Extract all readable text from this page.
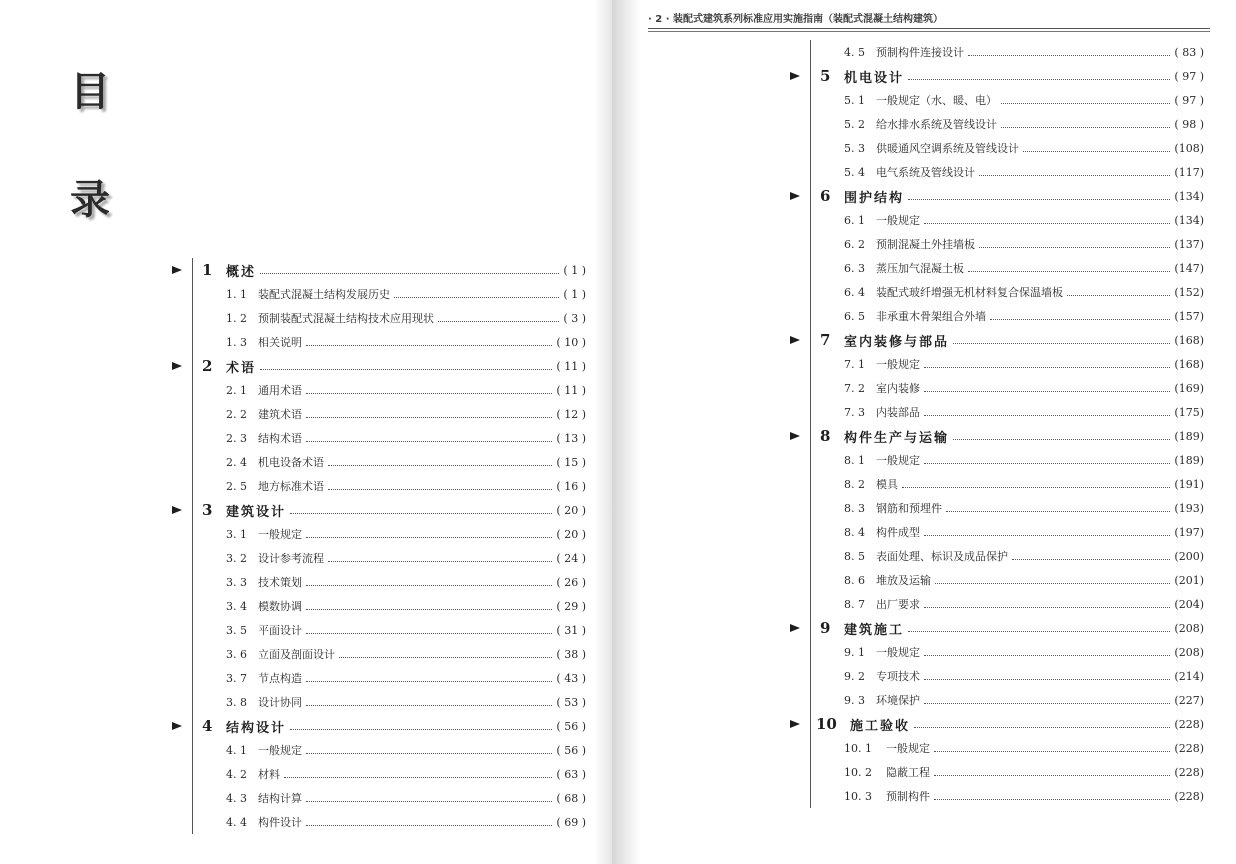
目
录
1 概述	( 1 )
1. 1	装配式混凝土结构发展历史	( 1 )
1. 2	预制装配式混凝土结构技术应用现状	( 3 )
1. 3	相关说明	( 10 )
2 术语	( 11 )
2. 1	通用术语	( 11 )
2. 2	建筑术语	( 12 )
2. 3	结构术语	( 13 )
2. 4	机电设备术语	( 15 )
2. 5	地方标准术语	( 16 )
3 建筑设计	( 20 )
3. 1	一般规定	( 20 )
3. 2	设计参考流程	( 24 )
3. 3	技术策划	( 26 )
3. 4	模数协调	( 29 )
3. 5	平面设计	( 31 )
3. 6	立面及剖面设计	( 38 )
3. 7	节点构造	( 43 )
3. 8	设计协同	( 53 )
4 结构设计	( 56 )
4. 1	一般规定	( 56 )
4. 2	材料	( 63 )
4. 3	结构计算	( 68 )
4. 4	构件设计	( 69 )
· 2 · 装配式建筑系列标准应用实施指南（装配式混凝土结构建筑）
4. 5	预制构件连接设计	( 83 )
5 机电设计	( 97 )
5. 1	一般规定（水、暖、电）	( 97 )
5. 2	给水排水系统及管线设计	( 98 )
5. 3	供暖通风空调系统及管线设计	(108)
5. 4	电气系统及管线设计	(117)
6 围护结构	(134)
6. 1	一般规定	(134)
6. 2	预制混凝土外挂墙板	(137)
6. 3	蒸压加气混凝土板	(147)
6. 4	装配式玻纤增强无机材料复合保温墙板	(152)
6. 5	非承重木骨架组合外墙	(157)
7 室内装修与部品	(168)
7. 1	一般规定	(168)
7. 2	室内装修	(169)
7. 3	内装部品	(175)
8 构件生产与运输	(189)
8. 1	一般规定	(189)
8. 2	模具	(191)
8. 3	钢筋和预埋件	(193)
8. 4	构件成型	(197)
8. 5	表面处理、标识及成品保护	(200)
8. 6	堆放及运输	(201)
8. 7	出厂要求	(204)
9 建筑施工	(208)
9. 1	一般规定	(208)
9. 2	专项技术	(214)
9. 3	环境保护	(227)
10 施工验收	(228)
10. 1	一般规定	(228)
10. 2	隐蔽工程	(228)
10. 3	预制构件	(228)
